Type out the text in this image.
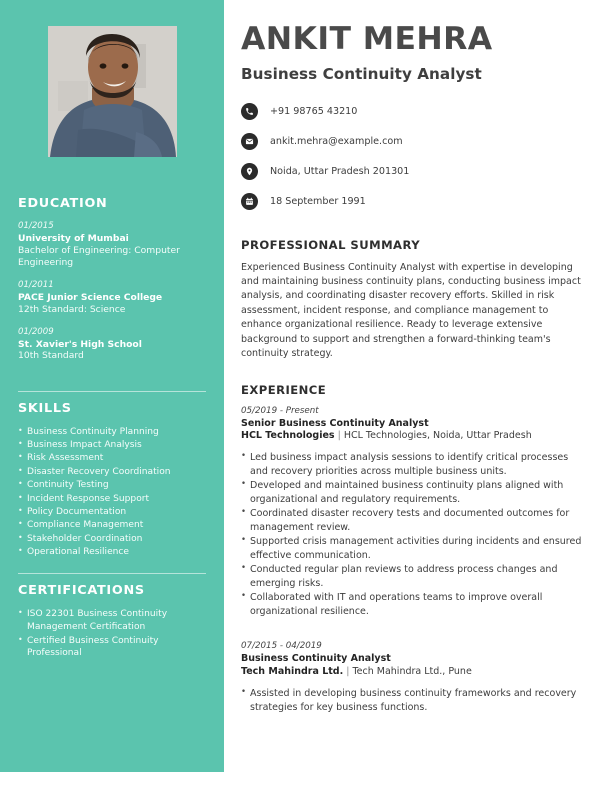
EDUCATION
01/2015
University of Mumbai
Bachelor of Engineering: Computer Engineering
01/2011
PACE Junior Science College
12th Standard: Science
01/2009
St. Xavier's High School
10th Standard
SKILLS
• Business Continuity Planning
• Business Impact Analysis
• Risk Assessment
• Disaster Recovery Coordination
• Continuity Testing
• Incident Response Support
• Policy Documentation
• Compliance Management
• Stakeholder Coordination
• Operational Resilience
CERTIFICATIONS
• ISO 22301 Business Continuity Management Certification
• Certified Business Continuity Professional
ANKIT MEHRA
Business Continuity Analyst
+91 98765 43210
ankit.mehra@example.com
Noida, Uttar Pradesh 201301
18 September 1991
PROFESSIONAL SUMMARY
Experienced Business Continuity Analyst with expertise in developing and maintaining business continuity plans, conducting business impact analysis, and coordinating disaster recovery efforts. Skilled in risk assessment, incident response, and compliance management to enhance organizational resilience. Ready to leverage extensive background to support and strengthen a forward-thinking team's continuity strategy.
EXPERIENCE
05/2019 - Present
Senior Business Continuity Analyst
HCL Technologies | HCL Technologies, Noida, Uttar Pradesh
• Led business impact analysis sessions to identify critical processes and recovery priorities across multiple business units.
• Developed and maintained business continuity plans aligned with organizational and regulatory requirements.
• Coordinated disaster recovery tests and documented outcomes for management review.
• Supported crisis management activities during incidents and ensured effective communication.
• Conducted regular plan reviews to address process changes and emerging risks.
• Collaborated with IT and operations teams to improve overall organizational resilience.
07/2015 - 04/2019
Business Continuity Analyst
Tech Mahindra Ltd. | Tech Mahindra Ltd., Pune
• Assisted in developing business continuity frameworks and recovery strategies for key business functions.
